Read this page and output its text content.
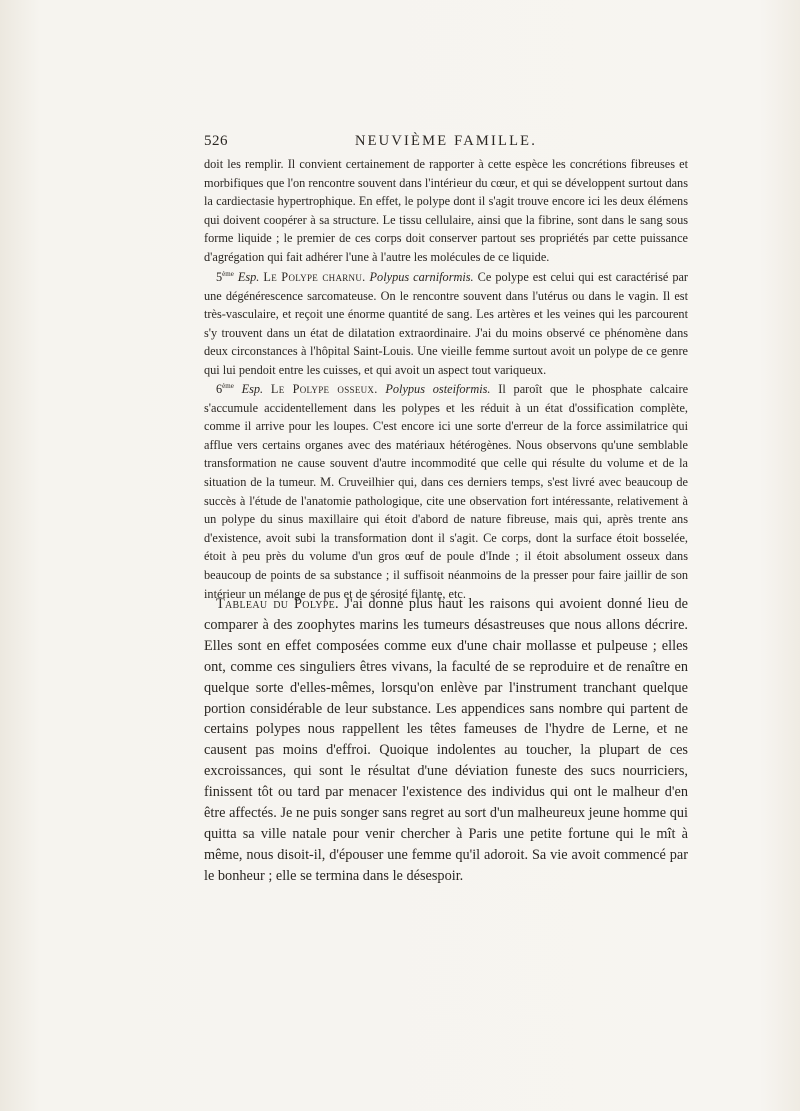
526	NEUVIÈME FAMILLE.

doit les remplir. Il convient certainement de rapporter à cette espèce les concrétions fibreuses et morbifiques que l'on rencontre souvent dans l'intérieur du cœur, et qui se développent surtout dans la cardiectasie hypertrophique. En effet, le polype dont il s'agit trouve encore ici les deux élémens qui doivent coopérer à sa structure. Le tissu cellulaire, ainsi que la fibrine, sont dans le sang sous forme liquide ; le premier de ces corps doit conserver partout ses propriétés par cette puissance d'agrégation qui fait adhérer l'une à l'autre les molécules de ce liquide.

5ème Esp. Le Polype charnu. Polypus carniformis. Ce polype est celui qui est caractérisé par une dégénérescence sarcomateuse. On le rencontre souvent dans l'utérus ou dans le vagin. Il est très-vasculaire, et reçoit une énorme quantité de sang. Les artères et les veines qui les parcourent s'y trouvent dans un état de dilatation extraordinaire. J'ai du moins observé ce phénomène dans deux circonstances à l'hôpital Saint-Louis. Une vieille femme surtout avoit un polype de ce genre qui lui pendoit entre les cuisses, et qui avoit un aspect tout variqueux.

6ème Esp. Le Polype osseux. Polypus osteiformis. Il paroît que le phosphate calcaire s'accumule accidentellement dans les polypes et les réduit à un état d'ossification complète, comme il arrive pour les loupes. C'est encore ici une sorte d'erreur de la force assimilatrice qui afflue vers certains organes avec des matériaux hétérogènes. Nous observons qu'une semblable transformation ne cause souvent d'autre incommodité que celle qui résulte du volume et de la situation de la tumeur. M. Cruveilhier qui, dans ces derniers temps, s'est livré avec beaucoup de succès à l'étude de l'anatomie pathologique, cite une observation fort intéressante, relativement à un polype du sinus maxillaire qui étoit d'abord de nature fibreuse, mais qui, après trente ans d'existence, avoit subi la transformation dont il s'agit. Ce corps, dont la surface étoit bosselée, étoit à peu près du volume d'un gros œuf de poule d'Inde ; il étoit absolument osseux dans beaucoup de points de sa substance ; il suffisoit néanmoins de la presser pour faire jaillir de son intérieur un mélange de pus et de sérosité filante, etc.

Tableau du Polype. J'ai donné plus haut les raisons qui avoient donné lieu de comparer à des zoophytes marins les tumeurs désastreuses que nous allons décrire. Elles sont en effet composées comme eux d'une chair mollasse et pulpeuse ; elles ont, comme ces singuliers êtres vivans, la faculté de se reproduire et de renaître en quelque sorte d'elles-mêmes, lorsqu'on enlève par l'instrument tranchant quelque portion considérable de leur substance. Les appendices sans nombre qui partent de certains polypes nous rappellent les têtes fameuses de l'hydre de Lerne, et ne causent pas moins d'effroi. Quoique indolentes au toucher, la plupart de ces excroissances, qui sont le résultat d'une déviation funeste des sucs nourriciers, finissent tôt ou tard par menacer l'existence des individus qui ont le malheur d'en être affectés. Je ne puis songer sans regret au sort d'un malheureux jeune homme qui quitta sa ville natale pour venir chercher à Paris une petite fortune qui le mît à même, nous disoit-il, d'épouser une femme qu'il adoroit. Sa vie avoit commencé par le bonheur ; elle se termina dans le désespoir.
